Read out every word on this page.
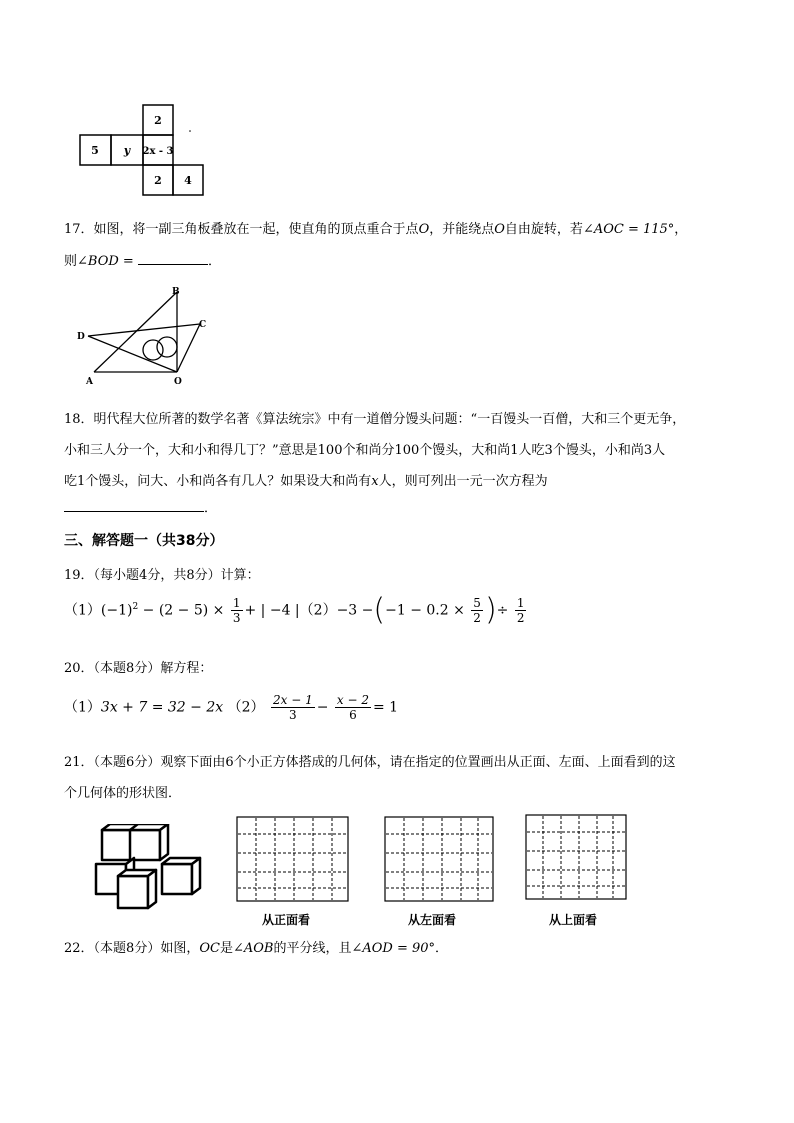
2
5 y 2x - 3
2 4
17．如图，将一副三角板叠放在一起，使直角的顶点重合于点O，并能绕点O自由旋转，若∠AOC = 115°，
则∠BOD =	．
B
C
D
A	O
18．明代程大位所著的数学名著《算法统宗》中有一道僧分馒头问题：“一百馒头一百僧，大和三个更无争，
小和三人分一个，大和小和得几丁？”意思是100个和尚分100个馒头，大和尚1人吃3个馒头，小和尚3人
吃1个馒头，问大、小和尚各有几人？如果设大和尚有x人，则可列出一元一次方程为
．
三、解答题一（共38分）
19．（每小题4分，共8分）计算：
$(1)(-1)^2 - (2 - 5) \times \frac{1}{3}$ + | −4 $|(2)-3 -(-1 - 0.2 \times \frac{5}{2}$ )÷ $\frac{1}{2}$
20．（本题8分）解方程：
（1）3x + 7 = 32 − 2x $(2) \frac{2x - 1}{3} - \frac{x - 2}{6} = 1$
21．（本题6分）观察下面由6个小正方体搭成的几何体，请在指定的位置画出从正面、左面、上面看到的这
个几何体的形状图．
从正面看	从左面看	从上面看
22．（本题8分）如图，OC是∠AOB的平分线，且∠AOD = 90°．
